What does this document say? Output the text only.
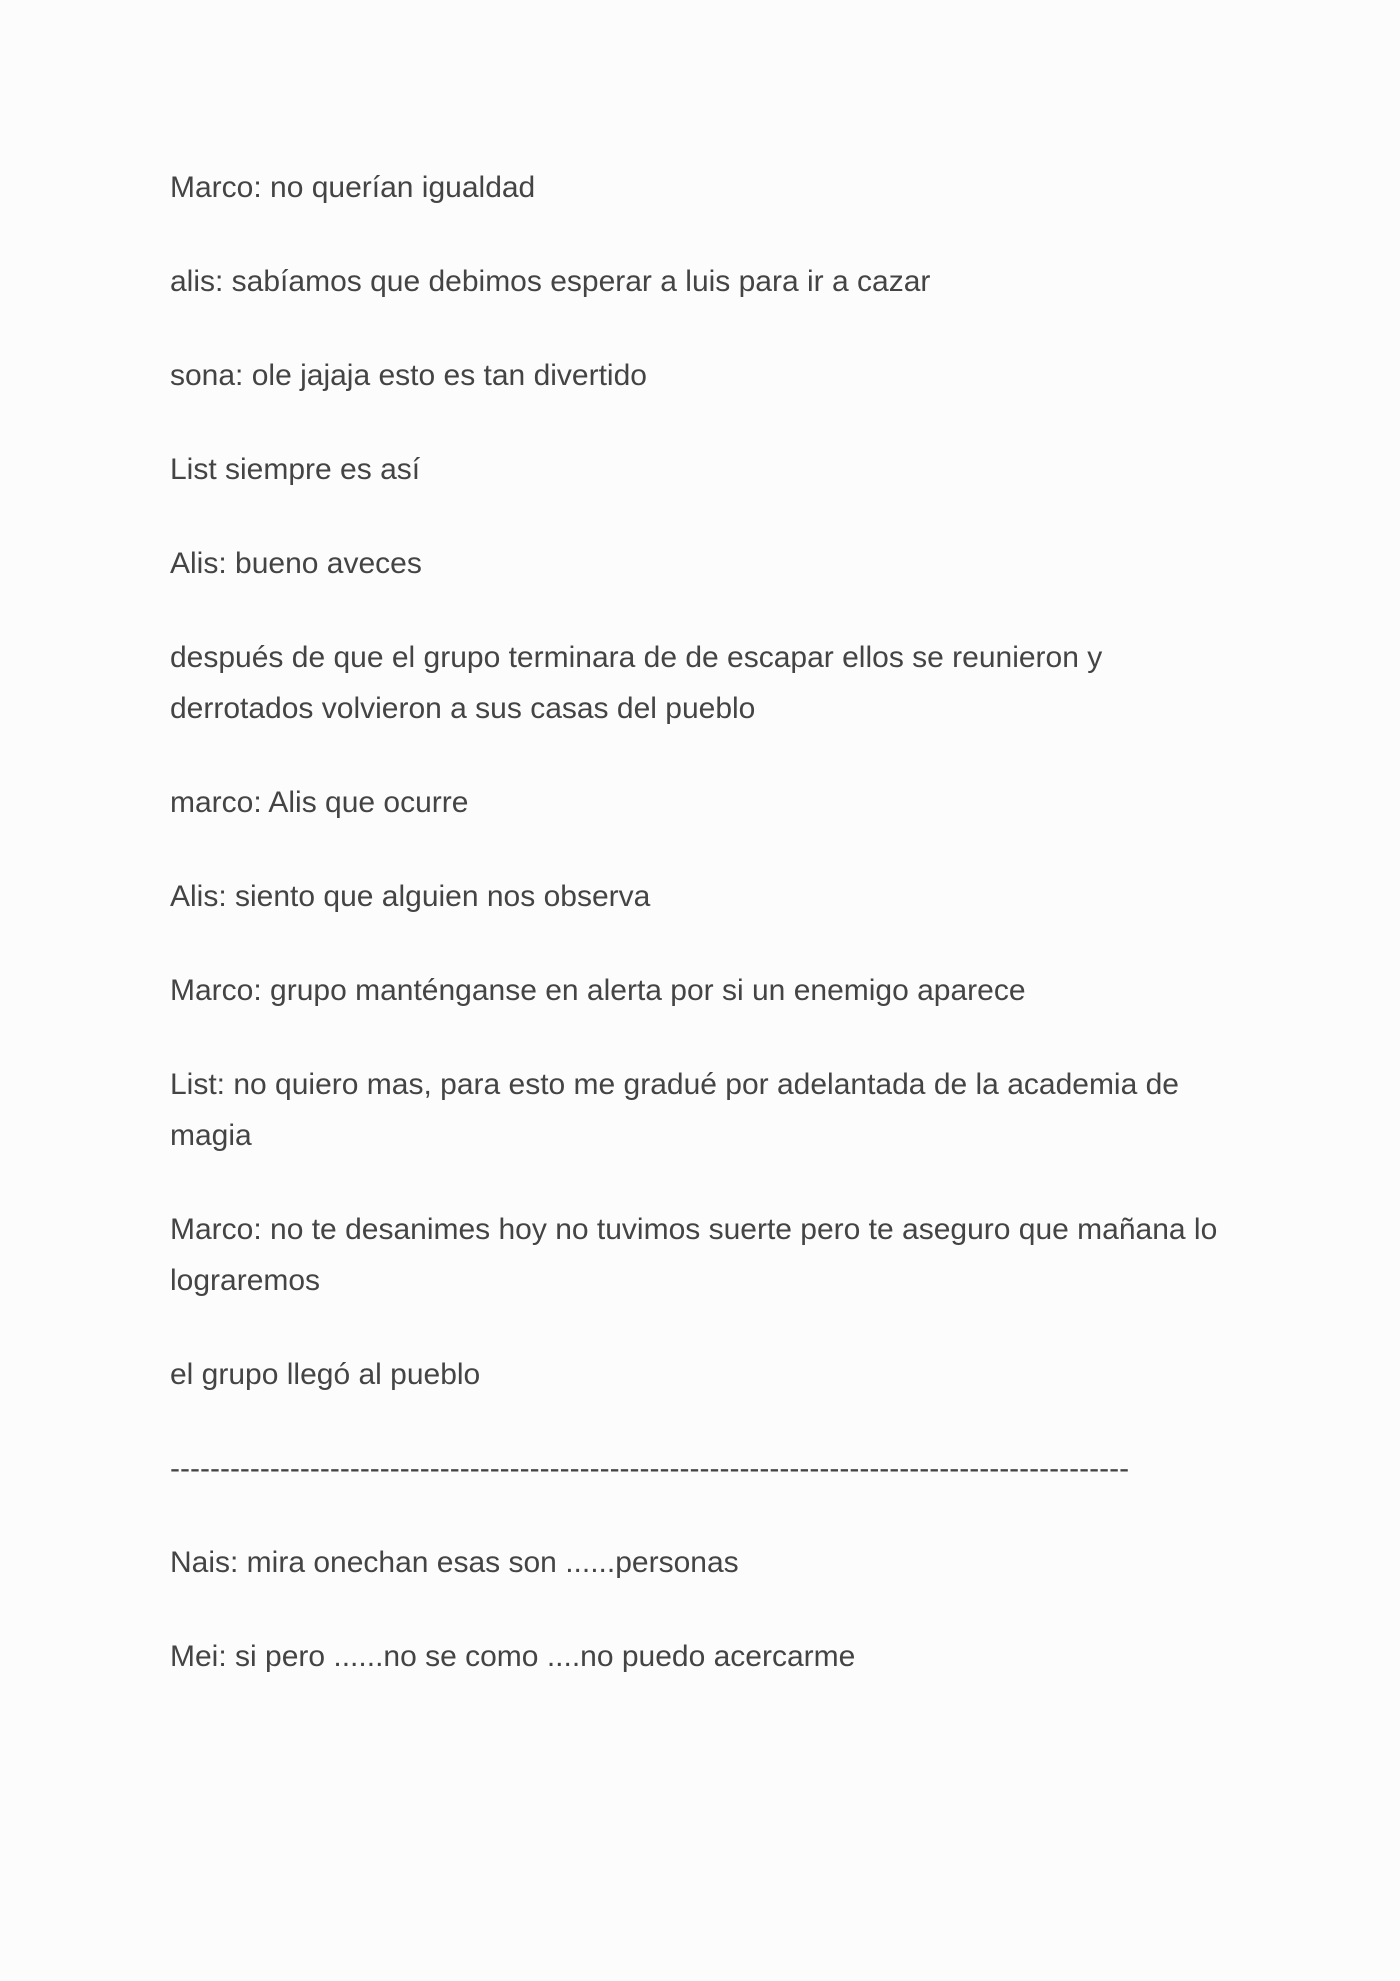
Marco: no querían igualdad

alis: sabíamos que debimos esperar a luis para ir a cazar

sona: ole jajaja esto es tan divertido

List siempre es así

Alis: bueno aveces

después de que el grupo terminara de de escapar ellos se reunieron y derrotados volvieron a sus casas del pueblo

marco: Alis que ocurre

Alis: siento que alguien nos observa

Marco: grupo manténganse en alerta por si un enemigo aparece

List: no quiero mas, para esto me gradué por adelantada de la academia de magia

Marco: no te desanimes hoy no tuvimos suerte pero te aseguro que mañana lo lograremos

el grupo llegó al pueblo

------------------------------------------------------------------------------------------------

Nais: mira onechan esas son ......personas

Mei: si pero ......no se como ....no puedo acercarme
